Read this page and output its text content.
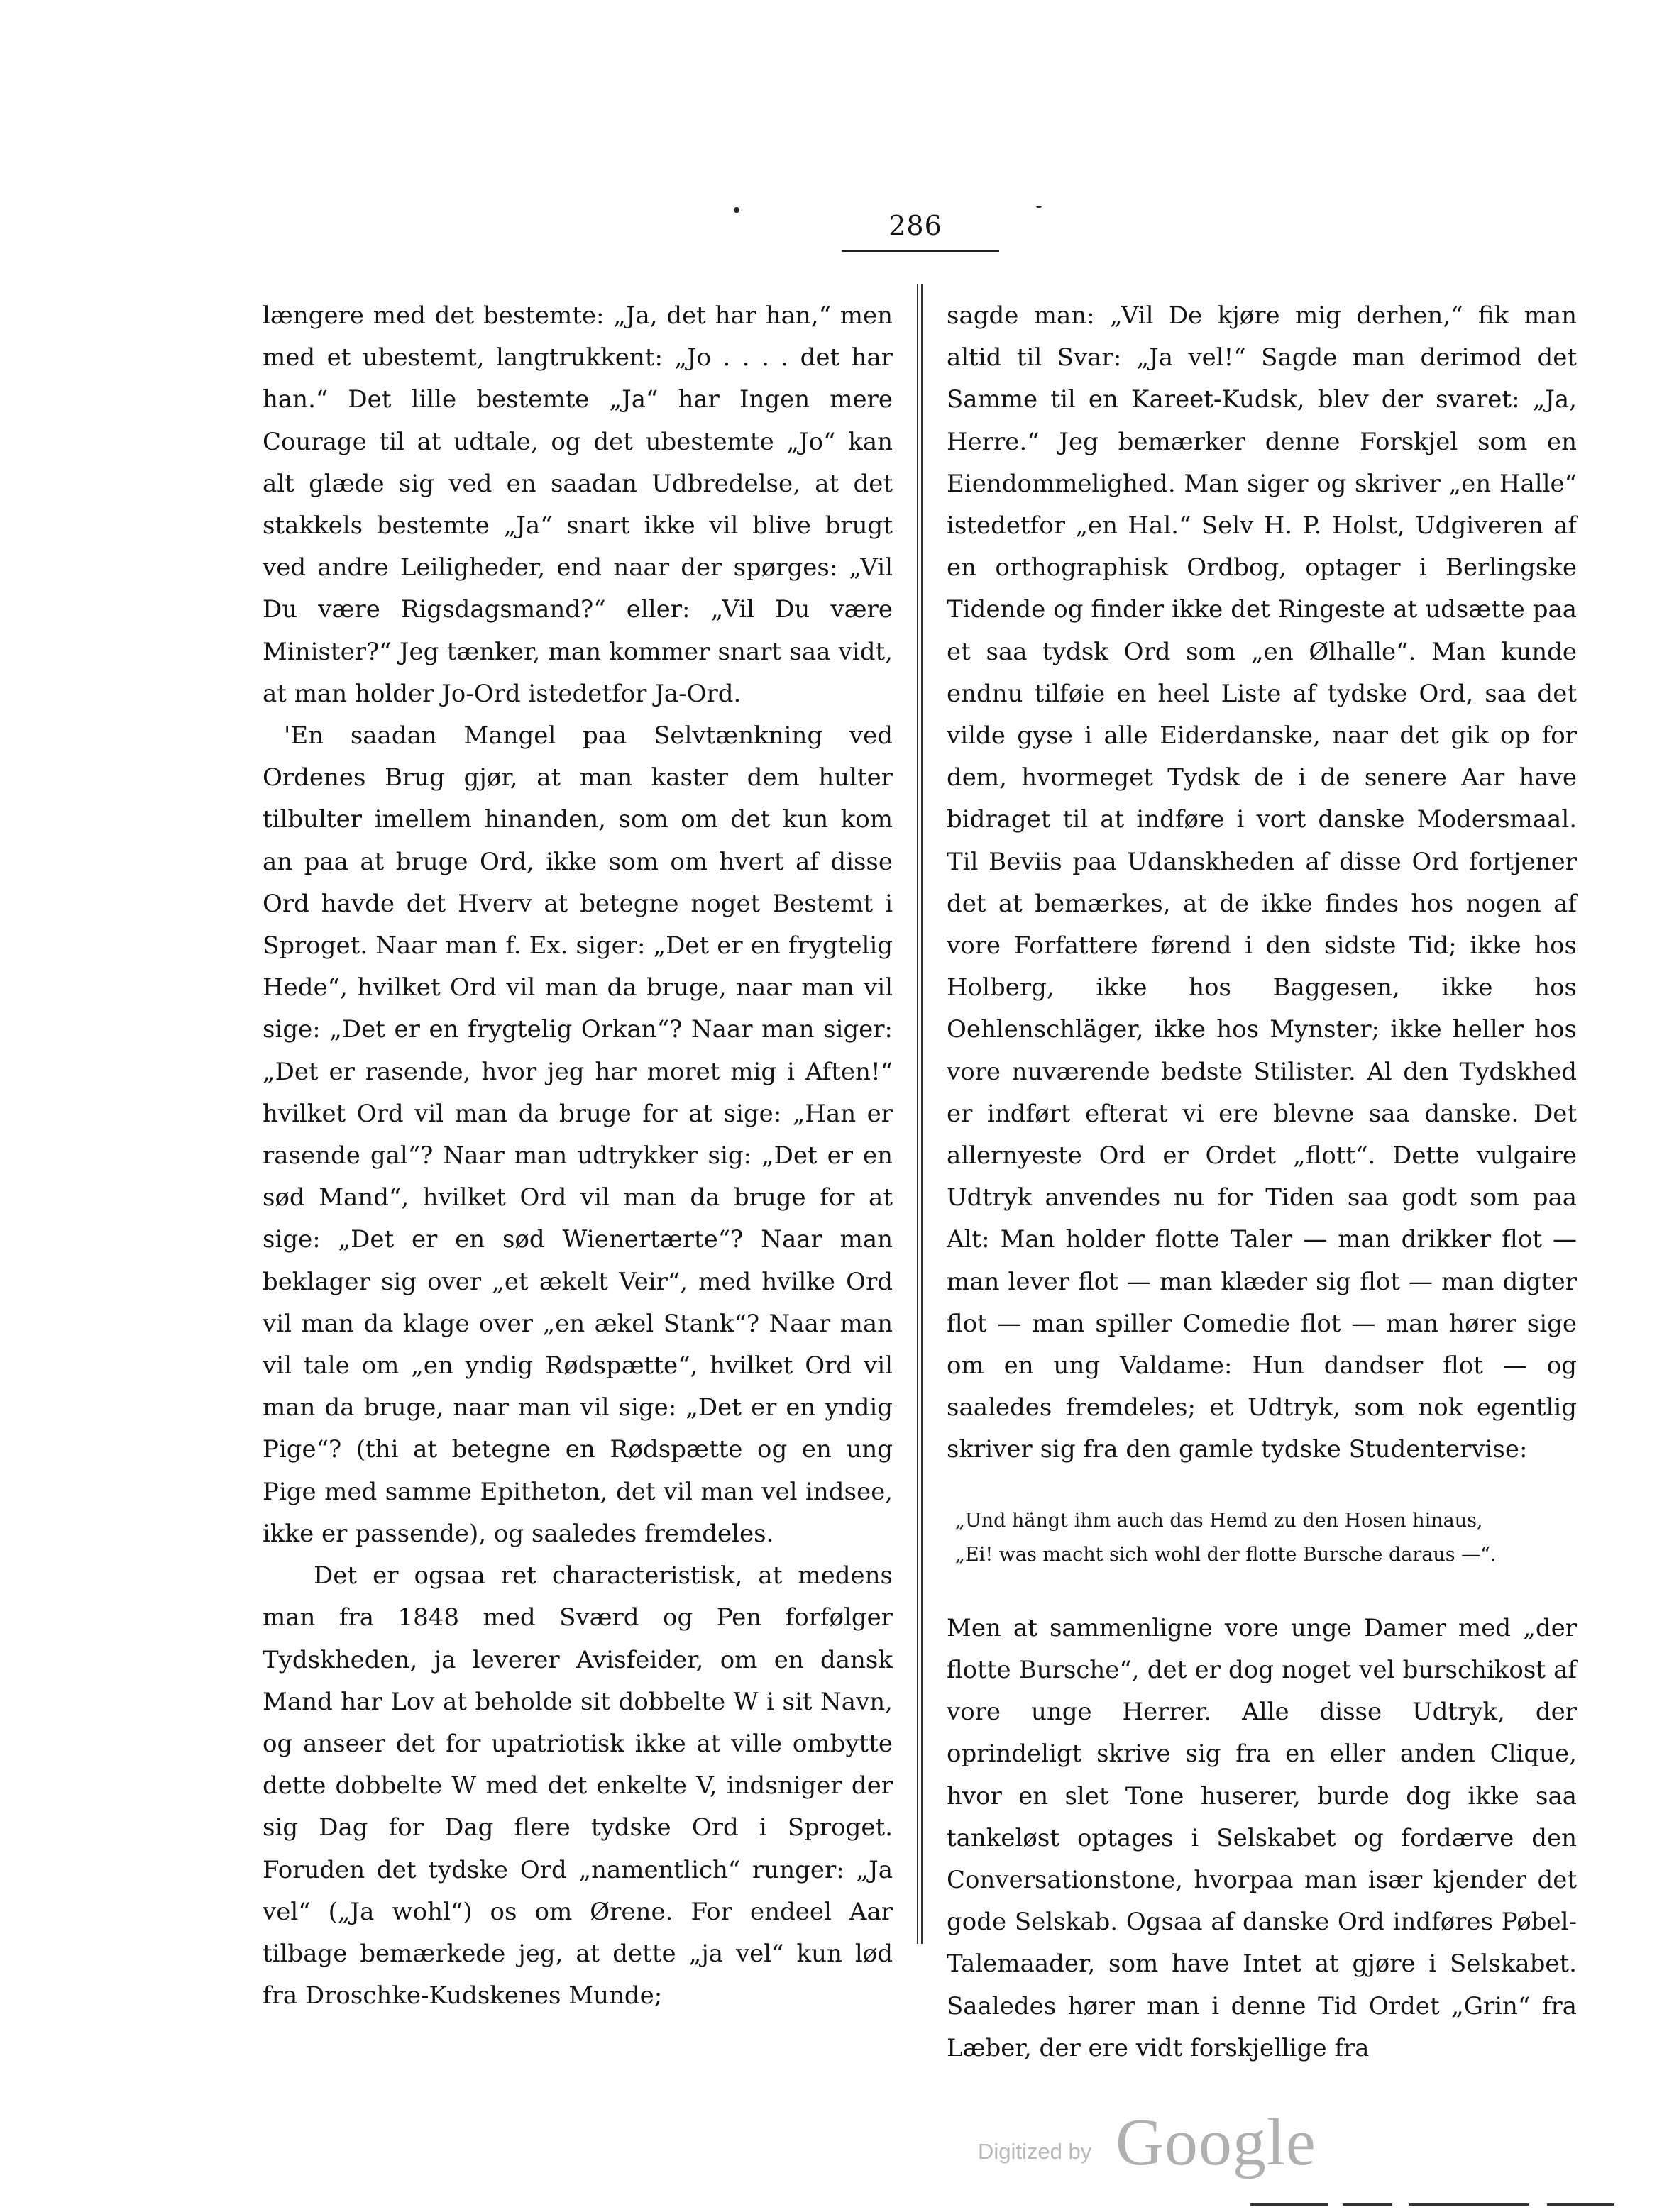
286

længere med det bestemte: „Ja, det har han,“ men med et ubestemt, langtrukkent: „Jo . . . . det har han.“ Det lille bestemte „Ja“ har Ingen mere Courage til at udtale, og det ubestemte „Jo“ kan alt glæde sig ved en saadan Udbredelse, at det stakkels bestemte „Ja“ snart ikke vil blive brugt ved andre Leiligheder, end naar der spørges: „Vil Du være Rigsdagsmand?“ eller: „Vil Du være Minister?“ Jeg tænker, man kommer snart saa vidt, at man holder Jo-Ord istedetfor Ja-Ord.

'En saadan Mangel paa Selvtænkning ved Ordenes Brug gjør, at man kaster dem hulter tilbulter imellem hinanden, som om det kun kom an paa at bruge Ord, ikke som om hvert af disse Ord havde det Hverv at betegne noget Bestemt i Sproget. Naar man f. Ex. siger: „Det er en frygtelig Hede“, hvilket Ord vil man da bruge, naar man vil sige: „Det er en frygtelig Orkan“? Naar man siger: „Det er rasende, hvor jeg har moret mig i Aften!“ hvilket Ord vil man da bruge for at sige: „Han er rasende gal“? Naar man udtrykker sig: „Det er en sød Mand“, hvilket Ord vil man da bruge for at sige: „Det er en sød Wienertærte“? Naar man beklager sig over „et ækelt Veir“, med hvilke Ord vil man da klage over „en ækel Stank“? Naar man vil tale om „en yndig Rødspætte“, hvilket Ord vil man da bruge, naar man vil sige: „Det er en yndig Pige“? (thi at betegne en Rødspætte og en ung Pige med samme Epitheton, det vil man vel indsee, ikke er passende), og saaledes fremdeles.

Det er ogsaa ret characteristisk, at medens man fra 1848 med Sværd og Pen forfølger Tydskheden, ja leverer Avisfeider, om en dansk Mand har Lov at beholde sit dobbelte W i sit Navn, og anseer det for upatriotisk ikke at ville ombytte dette dobbelte W med det enkelte V, indsniger der sig Dag for Dag flere tydske Ord i Sproget. Foruden det tydske Ord „namentlich“ runger: „Ja vel“ („Ja wohl“) os om Ørene. For endeel Aar tilbage bemærkede jeg, at dette „ja vel“ kun lød fra Droschke-Kudskenes Munde;

sagde man: „Vil De kjøre mig derhen,“ fik man altid til Svar: „Ja vel!“ Sagde man derimod det Samme til en Kareet-Kudsk, blev der svaret: „Ja, Herre.“ Jeg bemærker denne Forskjel som en Eiendommelighed. Man siger og skriver „en Halle“ istedetfor „en Hal.“ Selv H. P. Holst, Udgiveren af en orthographisk Ordbog, optager i Berlingske Tidende og finder ikke det Ringeste at udsætte paa et saa tydsk Ord som „en Ølhalle“. Man kunde endnu tilføie en heel Liste af tydske Ord, saa det vilde gyse i alle Eiderdanske, naar det gik op for dem, hvormeget Tydsk de i de senere Aar have bidraget til at indføre i vort danske Modersmaal. Til Beviis paa Udanskheden af disse Ord fortjener det at bemærkes, at de ikke findes hos nogen af vore Forfattere førend i den sidste Tid; ikke hos Holberg, ikke hos Baggesen, ikke hos Oehlenschläger, ikke hos Mynster; ikke heller hos vore nuværende bedste Stilister. Al den Tydskhed er indført efterat vi ere blevne saa danske. Det allernyeste Ord er Ordet „flott“. Dette vulgaire Udtryk anvendes nu for Tiden saa godt som paa Alt: Man holder flotte Taler — man drikker flot — man lever flot — man klæder sig flot — man digter flot — man spiller Comedie flot — man hører sige om en ung Valdame: Hun dandser flot — og saaledes fremdeles; et Udtryk, som nok egentlig skriver sig fra den gamle tydske Studentervise:

„Und hängt ihm auch das Hemd zu den Hosen hinaus,
„Ei! was macht sich wohl der flotte Bursche daraus —“.

Men at sammenligne vore unge Damer med „der flotte Bursche“, det er dog noget vel burschikost af vore unge Herrer. Alle disse Udtryk, der oprindeligt skrive sig fra en eller anden Clique, hvor en slet Tone huserer, burde dog ikke saa tankeløst optages i Selskabet og fordærve den Conversationstone, hvorpaa man især kjender det gode Selskab. Ogsaa af danske Ord indføres Pøbel-Talemaader, som have Intet at gjøre i Selskabet. Saaledes hører man i denne Tid Ordet „Grin“ fra Læber, der ere vidt forskjellige fra

Digitized by Google
